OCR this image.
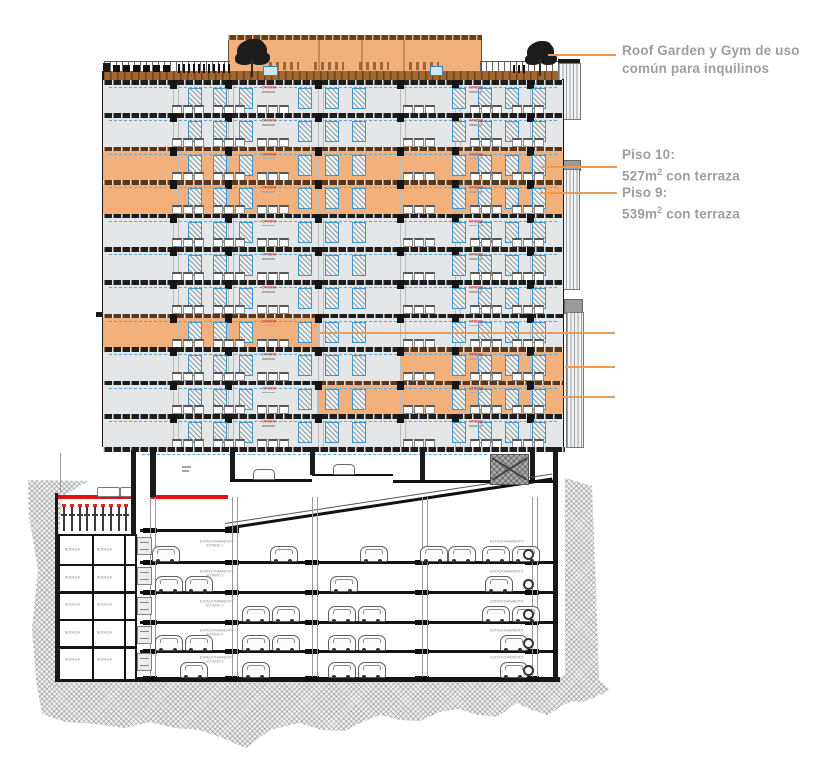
OFICINA	OFICINA
OFICINA	OFICINA
OFICINA	OFICINA
OFICINA	OFICINA
OFICINA	OFICINA
OFICINA	OFICINA
OFICINA	OFICINA
OFICINA	OFICINA
OFICINA	OFICINA
OFICINA	OFICINA
OFICINA	OFICINA
ESTACIONAMIENTO
SÓTANO 1
ESTACIONAMIENTO
ESTACIONAMIENTO
SÓTANO 2
ESTACIONAMIENTO
ESTACIONAMIENTO
SÓTANO 3
ESTACIONAMIENTO
ESTACIONAMIENTO
SÓTANO 4
ESTACIONAMIENTO
ESTACIONAMIENTO
SÓTANO 5
ESTACIONAMIENTO
BODEGA BODEGA
BODEGA BODEGA
BODEGA BODEGA
BODEGA BODEGA
BODEGA BODEGA
Roof Garden y Gym de uso
común para inquilinos
Piso 10:
$527m^2$ con terraza
Piso 9:
$539m^2$ con terraza
